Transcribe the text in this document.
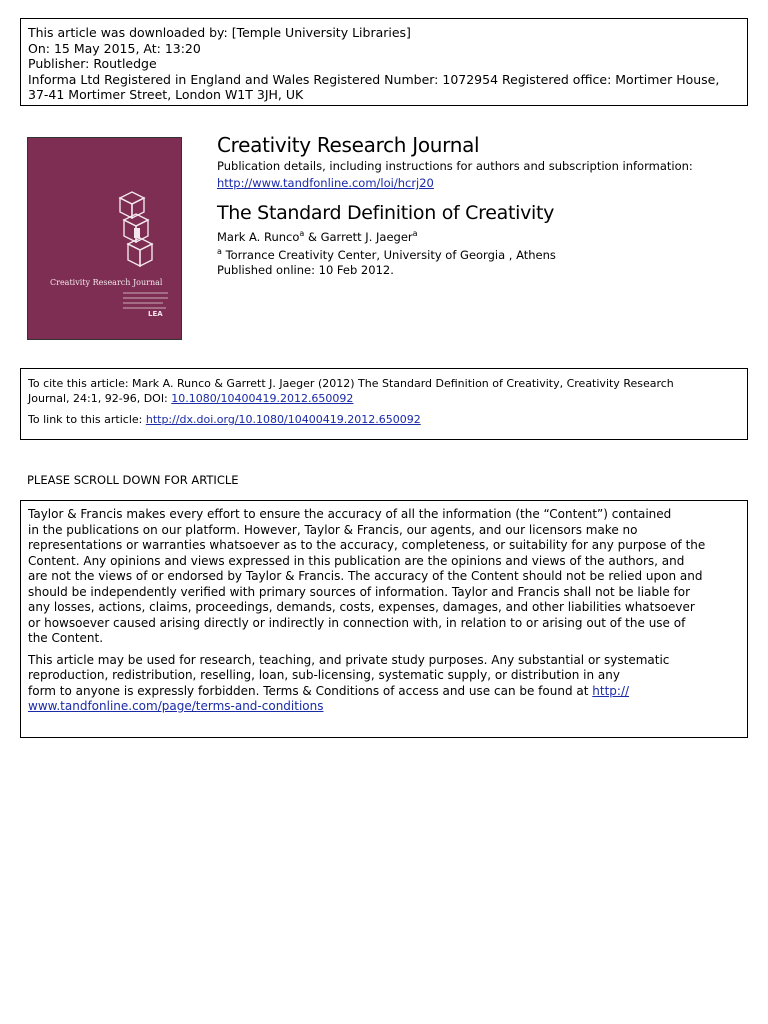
This article was downloaded by: [Temple University Libraries]
On: 15 May 2015, At: 13:20
Publisher: Routledge
Informa Ltd Registered in England and Wales Registered Number: 1072954 Registered office: Mortimer House,
37-41 Mortimer Street, London W1T 3JH, UK
Creativity Research Journal
LEA
Creativity Research Journal
Publication details, including instructions for authors and subscription information:
http://www.tandfonline.com/loi/hcrj20
The Standard Definition of Creativity
Mark A. Runco$^a$ & Garrett J. Jaeger$^a$
$^a$ Torrance Creativity Center, University of Georgia , Athens
Published online: 10 Feb 2012.
To cite this article: Mark A. Runco & Garrett J. Jaeger (2012) The Standard Definition of Creativity, Creativity Research
Journal, 24:1, 92-96, DOI: 10.1080/10400419.2012.650092
To link to this article: http://dx.doi.org/10.1080/10400419.2012.650092
PLEASE SCROLL DOWN FOR ARTICLE
Taylor & Francis makes every effort to ensure the accuracy of all the information (the “Content”) contained
in the publications on our platform. However, Taylor & Francis, our agents, and our licensors make no
representations or warranties whatsoever as to the accuracy, completeness, or suitability for any purpose of the
Content. Any opinions and views expressed in this publication are the opinions and views of the authors, and
are not the views of or endorsed by Taylor & Francis. The accuracy of the Content should not be relied upon and
should be independently verified with primary sources of information. Taylor and Francis shall not be liable for
any losses, actions, claims, proceedings, demands, costs, expenses, damages, and other liabilities whatsoever
or howsoever caused arising directly or indirectly in connection with, in relation to or arising out of the use of
the Content.
This article may be used for research, teaching, and private study purposes. Any substantial or systematic
reproduction, redistribution, reselling, loan, sub-licensing, systematic supply, or distribution in any
form to anyone is expressly forbidden. Terms & Conditions of access and use can be found at http://
www.tandfonline.com/page/terms-and-conditions
